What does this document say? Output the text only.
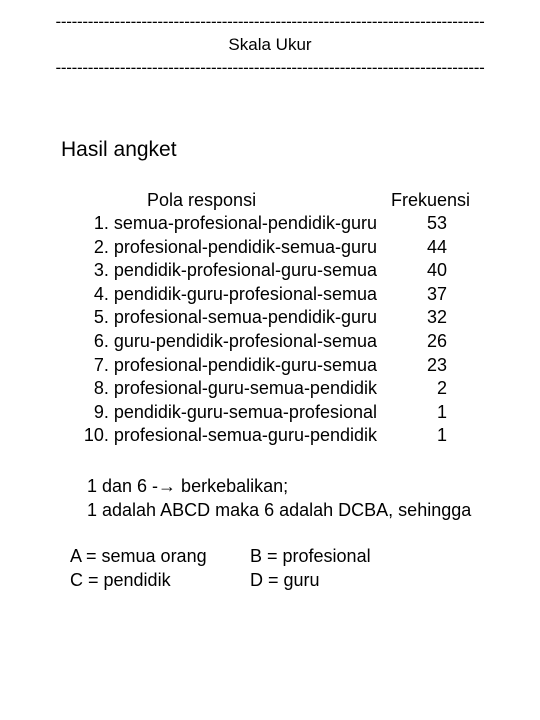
--------------------------------------------------------------------------------
Skala Ukur
--------------------------------------------------------------------------------
Hasil angket
Pola responsi	Frekuensi
1. semua-profesional-pendidik-guru	53
2. profesional-pendidik-semua-guru	44
3. pendidik-profesional-guru-semua	40
4. pendidik-guru-profesional-semua	37
5. profesional-semua-pendidik-guru	32
6. guru-pendidik-profesional-semua	26
7. profesional-pendidik-guru-semua	23
8. profesional-guru-semua-pendidik	2
9. pendidik-guru-semua-profesional	1
10. profesional-semua-guru-pendidik	1
1 dan 6 -→ berkebalikan;
1 adalah ABCD maka 6 adalah DCBA, sehingga
A = semua orang B = profesional
C = pendidik	D = guru
